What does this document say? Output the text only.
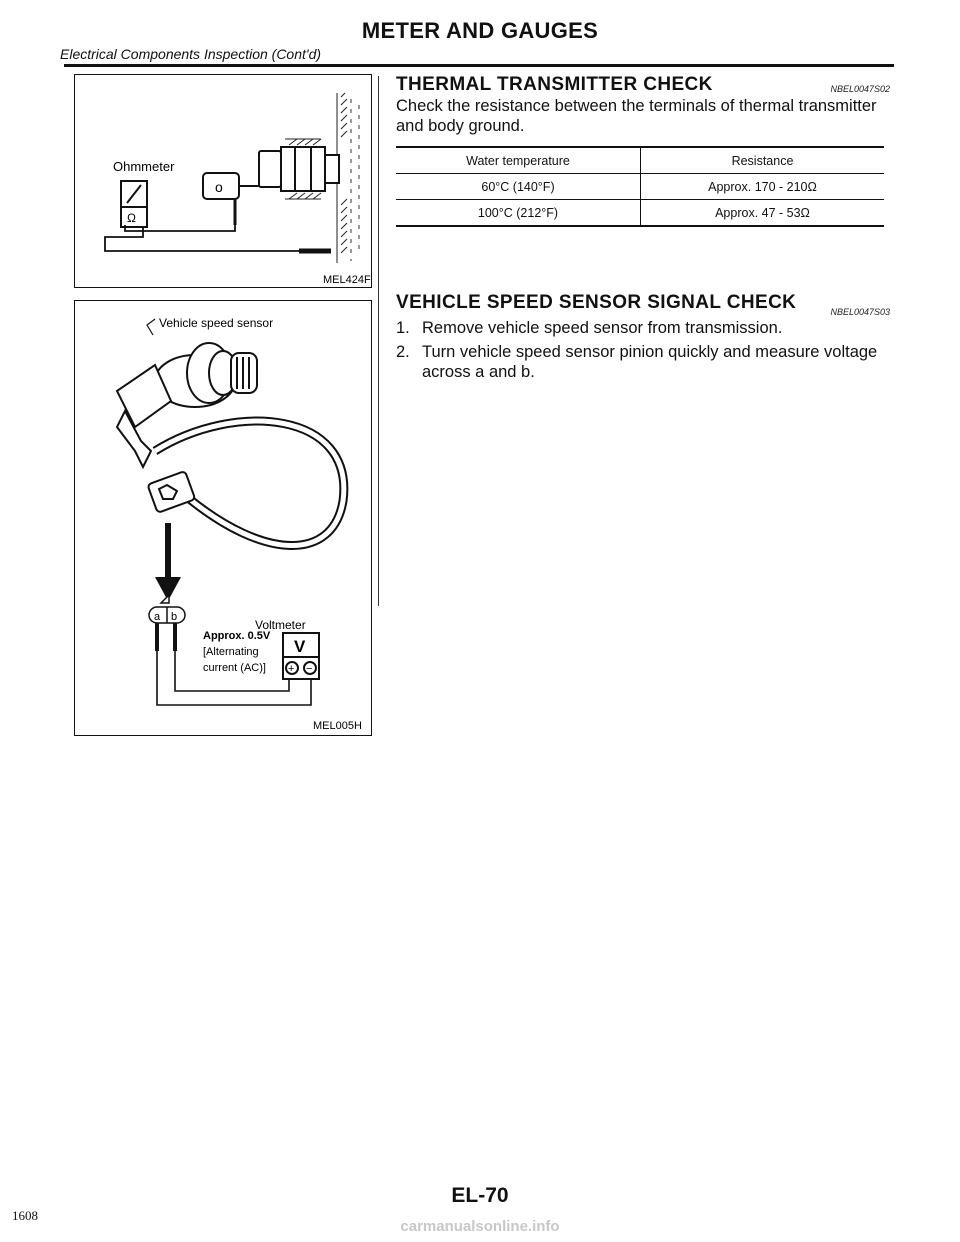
METER AND GAUGES
Electrical Components Inspection (Cont'd)
o
Ohmmeter
Ω
MEL424F
Vehicle speed sensor
a b
Voltmeter
V
+ −
Approx. 0.5V
[Alternating
current (AC)]
MEL005H
THERMAL TRANSMITTER CHECK	NBEL0047S02
Check the resistance between the terminals of thermal transmitter
and body ground.
Water temperature	Resistance
60°C (140°F)	Approx. 170 - 210Ω
100°C (212°F)	Approx. 47 - 53Ω
VEHICLE SPEED SENSOR SIGNAL CHECK	NBEL0047S03
1. Remove vehicle speed sensor from transmission.
2. Turn vehicle speed sensor pinion quickly and measure voltage across a and b.
EL-70
1608
carmanualsonline.info
